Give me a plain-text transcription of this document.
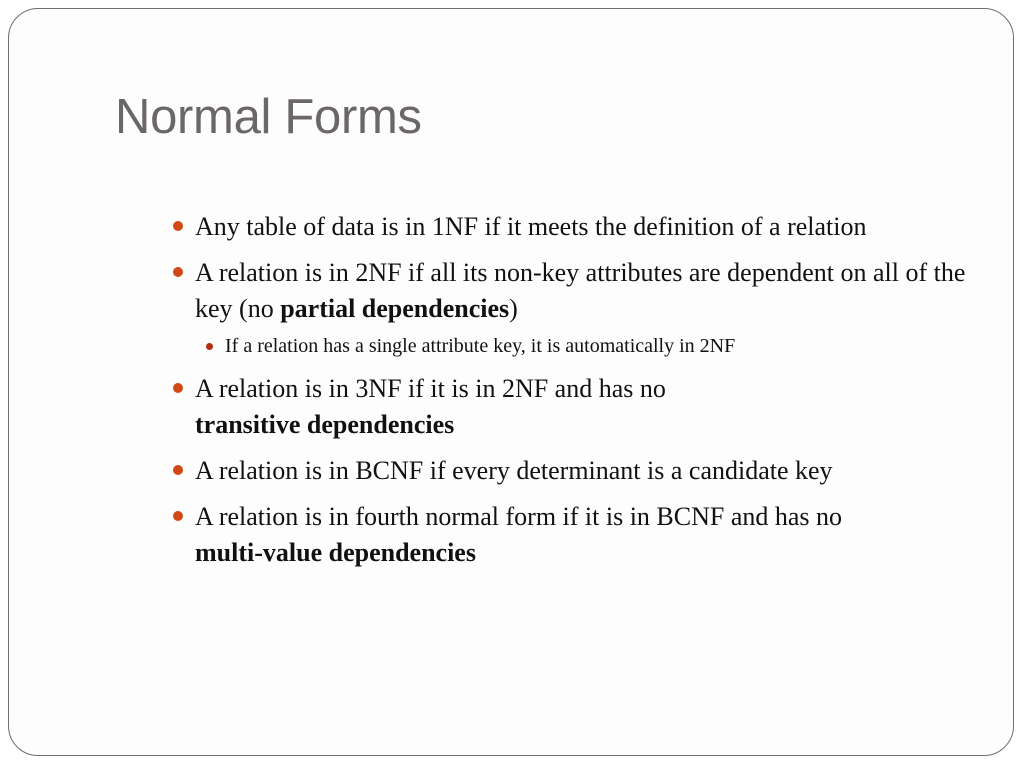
Normal Forms
Any table of data is in 1NF if it meets the definition of a relation
A relation is in 2NF if all its non-key attributes are dependent on all of the key (no partial dependencies)
If a relation has a single attribute key, it is automatically in 2NF
A relation is in 3NF if it is in 2NF and has no
transitive dependencies
A relation is in BCNF if every determinant is a candidate key
A relation is in fourth normal form if it is in BCNF and has no
multi-value dependencies
